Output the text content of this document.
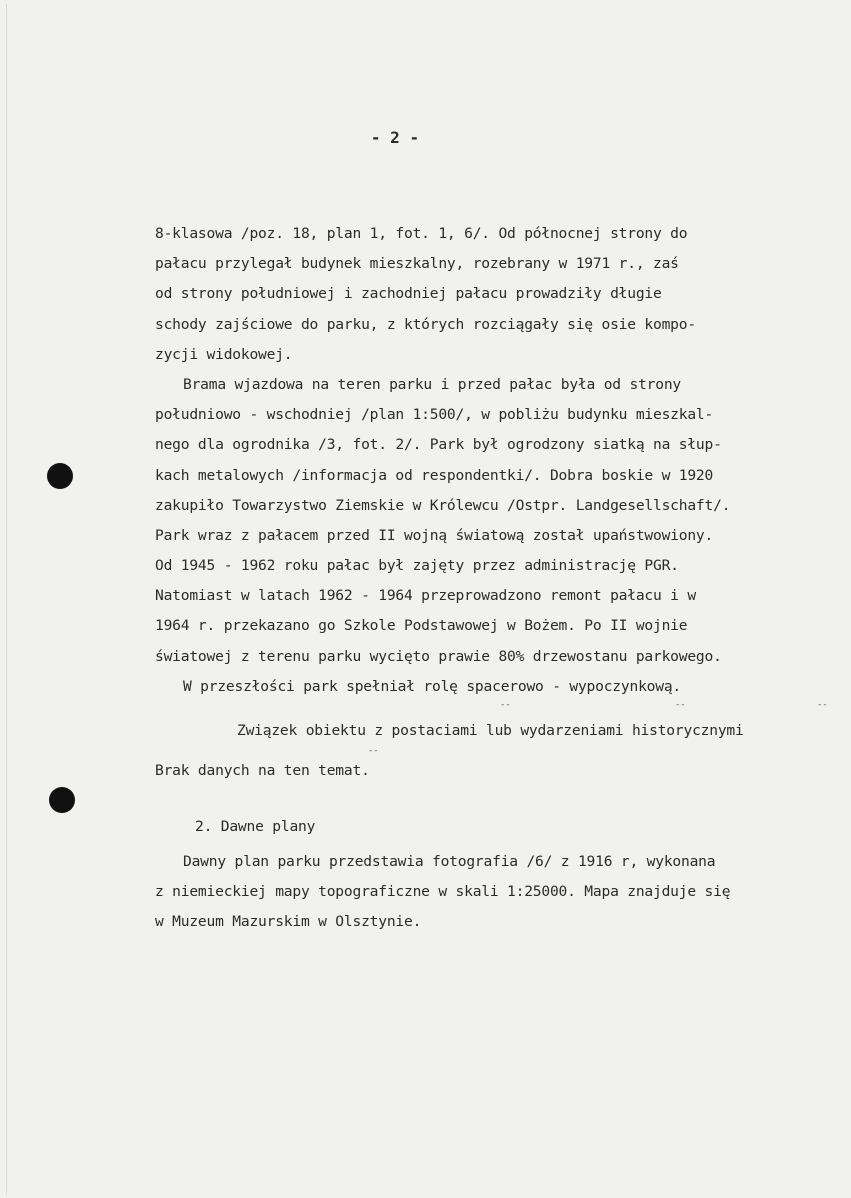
- 2 -
8-klasowa /poz. 18, plan 1, fot. 1, 6/. Od północnej strony do
pałacu przylegał budynek mieszkalny, rozebrany w 1971 r., zaś
od strony południowej i zachodniej pałacu prowadziły długie
schody zajściowe do parku, z których rozciągały się osie kompo-
zycji widokowej.
Brama wjazdowa na teren parku i przed pałac była od strony
południowo - wschodniej /plan 1:500/, w pobliżu budynku mieszkal-
nego dla ogrodnika /3, fot. 2/. Park był ogrodzony siatką na słup-
kach metalowych /informacja od respondentki/. Dobra boskie w 1920
zakupiło Towarzystwo Ziemskie w Królewcu /Ostpr. Landgesellschaft/.
Park wraz z pałacem przed II wojną światową został upaństwowiony.
Od 1945 - 1962 roku pałac był zajęty przez administrację PGR.
Natomiast w latach 1962 - 1964 przeprowadzono remont pałacu i w
1964 r. przekazano go Szkole Podstawowej w Bożem. Po II wojnie
światowej z terenu parku wycięto prawie 80% drzewostanu parkowego.
W przeszłości park spełniał rolę spacerowo - wypoczynkową.
--	--	--
Związek obiektu z postaciami lub wydarzeniami historycznymi
--
Brak danych na ten temat.
2. Dawne plany
Dawny plan parku przedstawia fotografia /6/ z 1916 r, wykonana
z niemieckiej mapy topograficzne w skali 1:25000. Mapa znajduje się
w Muzeum Mazurskim w Olsztynie.
